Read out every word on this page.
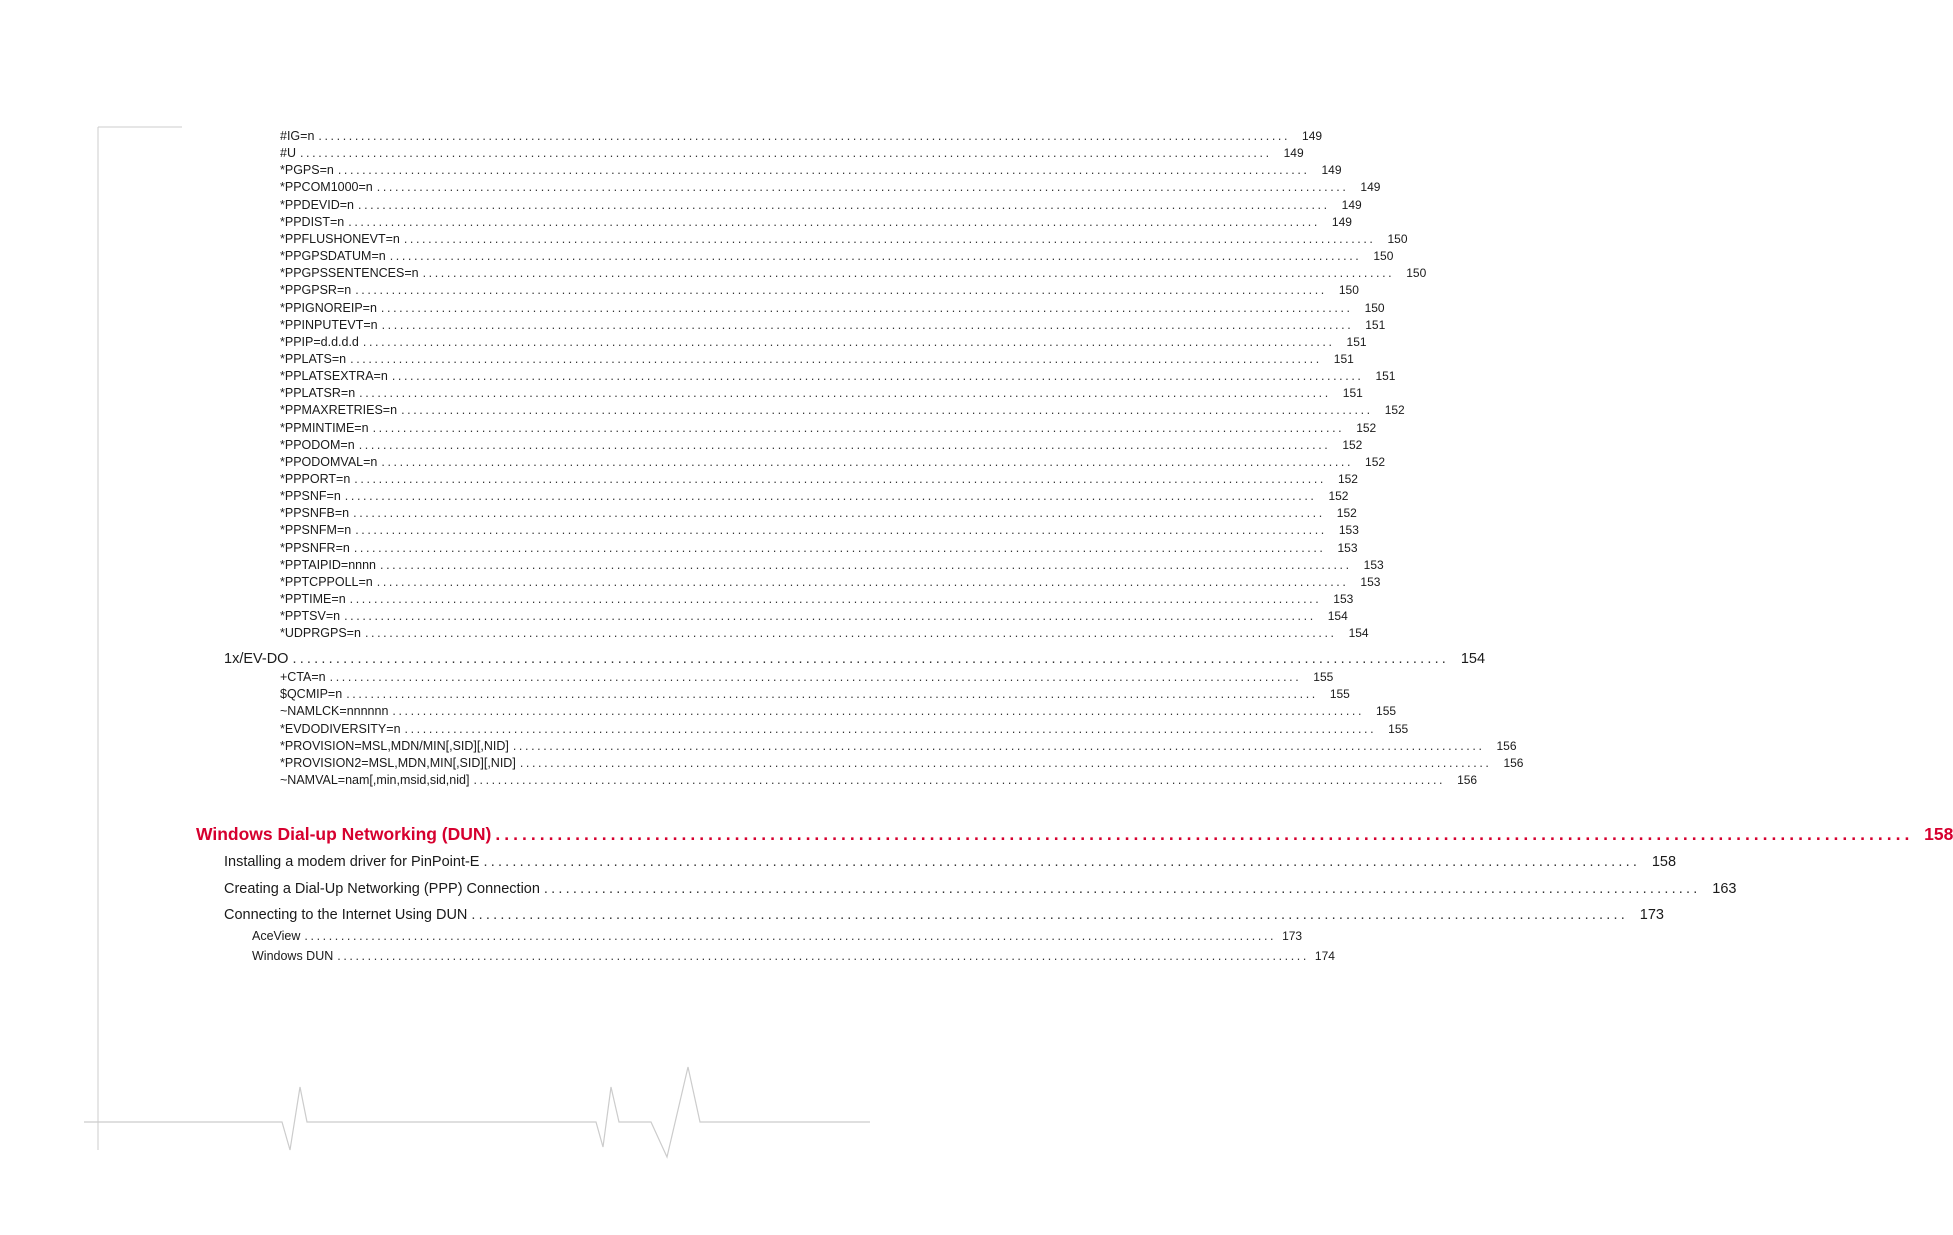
#IG=n ................................................................................................................................................................ 149
#U ................................................................................................................................................................ 149
*PGPS=n ................................................................................................................................................................ 149
*PPCOM1000=n ................................................................................................................................................................ 149
*PPDEVID=n ................................................................................................................................................................ 149
*PPDIST=n ................................................................................................................................................................ 149
*PPFLUSHONEVT=n ................................................................................................................................................................ 150
*PPGPSDATUM=n ................................................................................................................................................................ 150
*PPGPSSENTENCES=n ................................................................................................................................................................ 150
*PPGPSR=n ................................................................................................................................................................ 150
*PPIGNOREIP=n ................................................................................................................................................................ 150
*PPINPUTEVT=n ................................................................................................................................................................ 151
*PPIP=d.d.d.d ................................................................................................................................................................ 151
*PPLATS=n ................................................................................................................................................................ 151
*PPLATSEXTRA=n ................................................................................................................................................................ 151
*PPLATSR=n ................................................................................................................................................................ 151
*PPMAXRETRIES=n ................................................................................................................................................................ 152
*PPMINTIME=n ................................................................................................................................................................ 152
*PPODOM=n ................................................................................................................................................................ 152
*PPODOMVAL=n ................................................................................................................................................................ 152
*PPPORT=n ................................................................................................................................................................ 152
*PPSNF=n ................................................................................................................................................................ 152
*PPSNFB=n ................................................................................................................................................................ 152
*PPSNFM=n ................................................................................................................................................................ 153
*PPSNFR=n ................................................................................................................................................................ 153
*PPTAIPID=nnnn ................................................................................................................................................................ 153
*PPTCPPOLL=n ................................................................................................................................................................ 153
*PPTIME=n ................................................................................................................................................................ 153
*PPTSV=n ................................................................................................................................................................ 154
*UDPRGPS=n ................................................................................................................................................................ 154
1x/EV-DO ................................................................................................................................................................ 154
+CTA=n ................................................................................................................................................................ 155
$QCMIP=n ................................................................................................................................................................ 155
~NAMLCK=nnnnnn ................................................................................................................................................................ 155
*EVDODIVERSITY=n ................................................................................................................................................................ 155
*PROVISION=MSL,MDN/MIN[,SID][,NID] ................................................................................................................................................................ 156
*PROVISION2=MSL,MDN,MIN[,SID][,NID] ................................................................................................................................................................ 156
~NAMVAL=nam[,min,msid,sid,nid] ................................................................................................................................................................ 156
Windows Dial-up Networking (DUN) ................................................................................................................................................................ 158
Installing a modem driver for PinPoint-E ................................................................................................................................................................ 158
Creating a Dial-Up Networking (PPP) Connection ................................................................................................................................................................ 163
Connecting to the Internet Using DUN ................................................................................................................................................................ 173
AceView ................................................................................................................................................................ 173
Windows DUN ................................................................................................................................................................ 174
